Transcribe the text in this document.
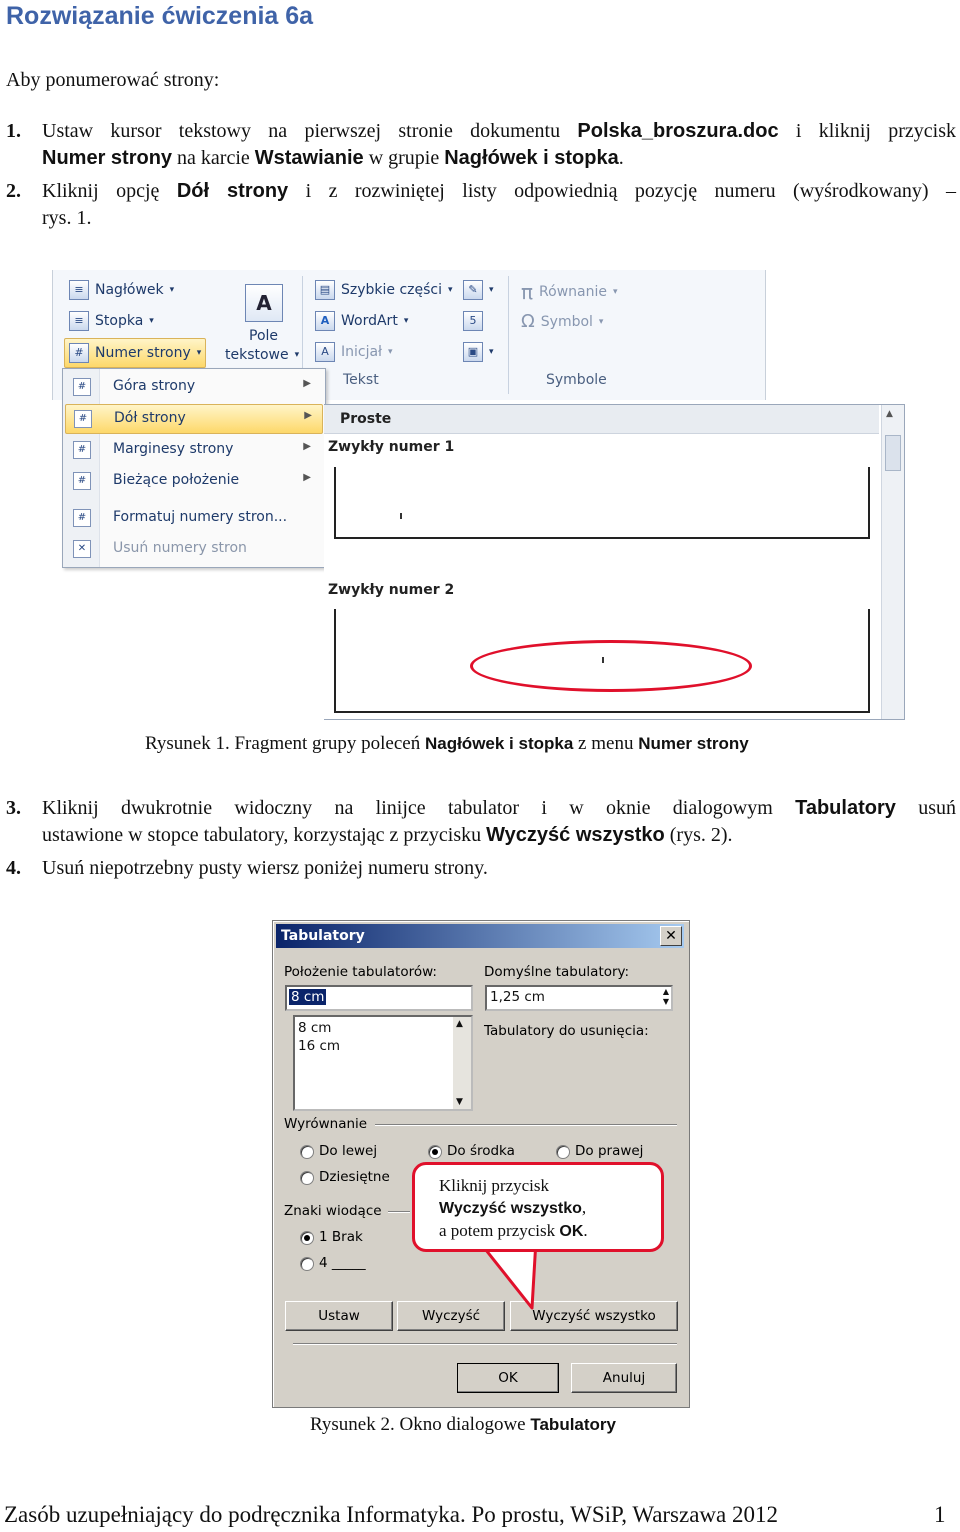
Rozwiązanie ćwiczenia 6a
Aby ponumerować strony:
1. Ustaw kursor tekstowy na pierwszej stronie dokumentu Polska_broszura.doc i kliknij przycisk
Numer strony na karcie Wstawianie w grupie Nagłówek i stopka.
2. Kliknij opcję Dół strony i z rozwiniętej listy odpowiednią pozycję numeru (wyśrodkowany) –
rys. 1.
≡ Nagłówek ▾
≡ Stopka ▾
# Numer strony ▾
A
Pole
tekstowe ▾
▤ Szybkie części ▾
A WordArt ▾
A Inicjał ▾
✎	▾
5
▣	▾
Tekst
π Równanie ▾
Ω Symbol ▾
Symbole
#	Góra strony	▶
#	Dół strony	▶
#	Marginesy strony	▶
#	Bieżące położenie	▶
#	Formatuj numery stron...
✕	Usuń numery stron
Proste
Zwykły numer 1
Zwykły numer 2
▲
Rysunek 1. Fragment grupy poleceń Nagłówek i stopka z menu Numer strony
3. Kliknij dwukrotnie widoczny na linijce tabulator i w oknie dialogowym Tabulatory usuń
ustawione w stopce tabulatory, korzystając z przycisku Wyczyść wszystko (rys. 2).
4. Usuń niepotrzebny pusty wiersz poniżej numeru strony.
Tabulatory	✕
Położenie tabulatorów:
8 cm
8 cm
16 cm
▲
▼
Domyślne tabulatory:
1,25 cm	▲
▼
Tabulatory do usunięcia:
Wyrównanie
Do lewej	Do środka	Do prawej
Dziesiętne
Znaki wiodące
1 Brak
4 _____
Ustaw	Wyczyść	Wyczyść wszystko
OK	Anuluj
Kliknij przycisk
Wyczyść wszystko,
a potem przycisk OK.
Rysunek 2. Okno dialogowe Tabulatory
Zasób uzupełniający do podręcznika Informatyka. Po prostu, WSiP, Warszawa 2012	1
